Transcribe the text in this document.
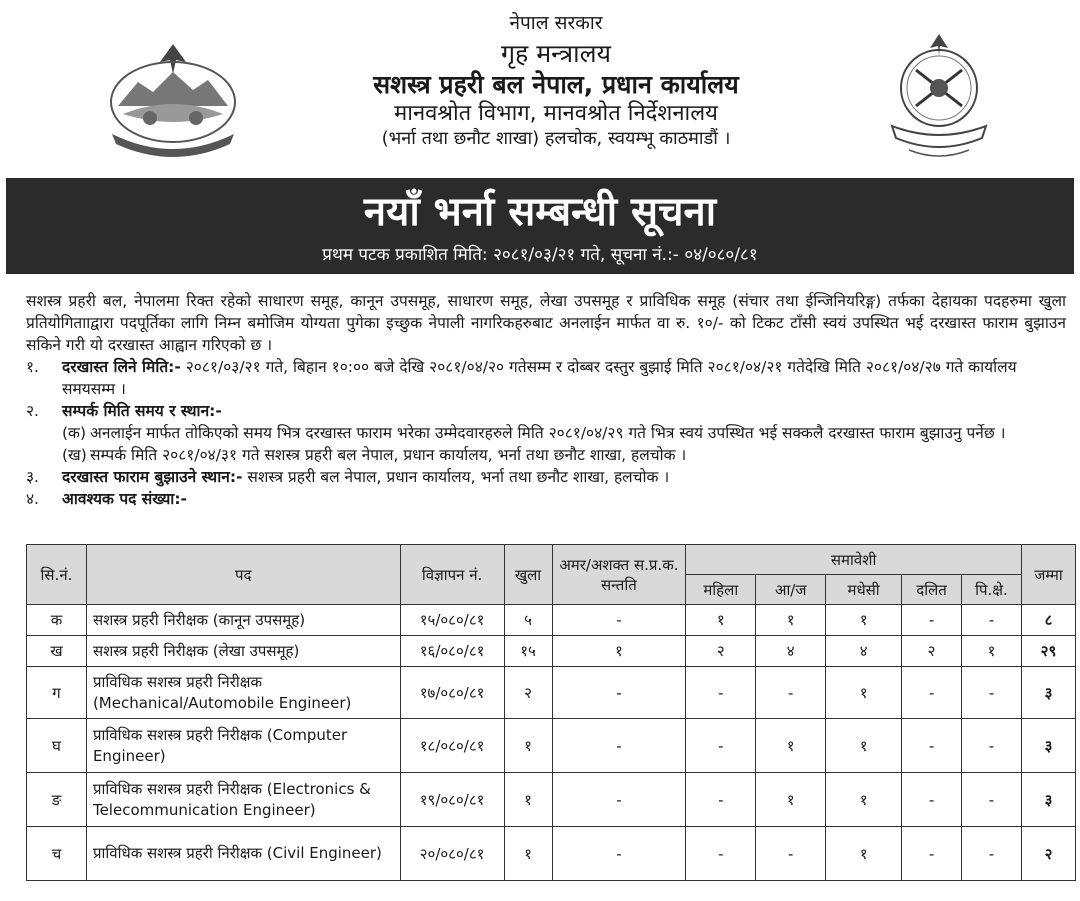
नेपाल सरकार
गृह मन्त्रालय
सशस्त्र प्रहरी बल नेपाल, प्रधान कार्यालय
मानवश्रोत विभाग, मानवश्रोत निर्देशनालय
(भर्ना तथा छनौट शाखा) हलचोक, स्वयम्भू काठमाडौं ।
नयाँ भर्ना सम्बन्धी सूचना
प्रथम पटक प्रकाशित मिति: २०८१/०३/२१ गते, सूचना नं.:- ०४/०८०/८१
सशस्त्र प्रहरी बल, नेपालमा रिक्त रहेको साधारण समूह, कानून उपसमूह, साधारण समूह, लेखा उपसमूह र प्राविधिक समूह (संचार तथा ईन्जिनियरिङ्ग) तर्फका देहायका पदहरुमा खुला प्रतियोगितााद्वारा पदपूर्तिका लागि निम्न बमोजिम योग्यता पुगेका इच्छुक नेपाली नागरिकहरुबाट अनलाईन मार्फत वा रु. १०/- को टिकट टाँसी स्वयं उपस्थित भई दरखास्त फाराम बुझाउन सकिने गरी यो दरखास्त आह्वान गरिएको छ ।
१. दरखास्त लिने मिति:- २०८१/०३/२१ गते, बिहान १०:०० बजे देखि २०८१/०४/२० गतेसम्म र दोब्बर दस्तुर बुझाई मिति २०८१/०४/२१ गतेदेखि मिति २०८१/०४/२७ गते कार्यालय समयसम्म ।
२. सम्पर्क मिति समय र स्थान:-
(क) अनलाईन मार्फत तोकिएको समय भित्र दरखास्त फाराम भरेका उम्मेदवारहरुले मिति २०८१/०४/२९ गते भित्र स्वयं उपस्थित भई सक्कलै दरखास्त फाराम बुझाउनु पर्नेछ ।
(ख) सम्पर्क मिति २०८१/०४/३१ गते सशस्त्र प्रहरी बल नेपाल, प्रधान कार्यालय, भर्ना तथा छनौट शाखा, हलचोक ।
३. दरखास्त फाराम बुझाउने स्थान:- सशस्त्र प्रहरी बल नेपाल, प्रधान कार्यालय, भर्ना तथा छनौट शाखा, हलचोक ।
४. आवश्यक पद संख्या:-
सि.नं.	पद	विज्ञापन नं.	खुला	अमर/अशक्त स.प्र.क. सन्तति	समावेशी					जम्मा
					महिला	आ/ज	मधेसी	दलित	पि.क्षे.	
क	सशस्त्र प्रहरी निरीक्षक (कानून उपसमूह)	१५/०८०/८१	५	-	१	१	१	-	-	८
ख	सशस्त्र प्रहरी निरीक्षक (लेखा उपसमूह)	१६/०८०/८१	१५	१	२	४	४	२	१	२९
ग	प्राविधिक सशस्त्र प्रहरी निरीक्षक (Mechanical/Automobile Engineer)	१७/०८०/८१	२	-	-	-	१	-	-	३
घ	प्राविधिक सशस्त्र प्रहरी निरीक्षक (Computer Engineer)	१८/०८०/८१	१	-	-	१	१	-	-	३
ङ	प्राविधिक सशस्त्र प्रहरी निरीक्षक (Electronics & Telecommunication Engineer)	१९/०८०/८१	१	-	-	१	१	-	-	३
च	प्राविधिक सशस्त्र प्रहरी निरीक्षक (Civil Engineer)	२०/०८०/८१	१	-	-	-	१	-	-	२
